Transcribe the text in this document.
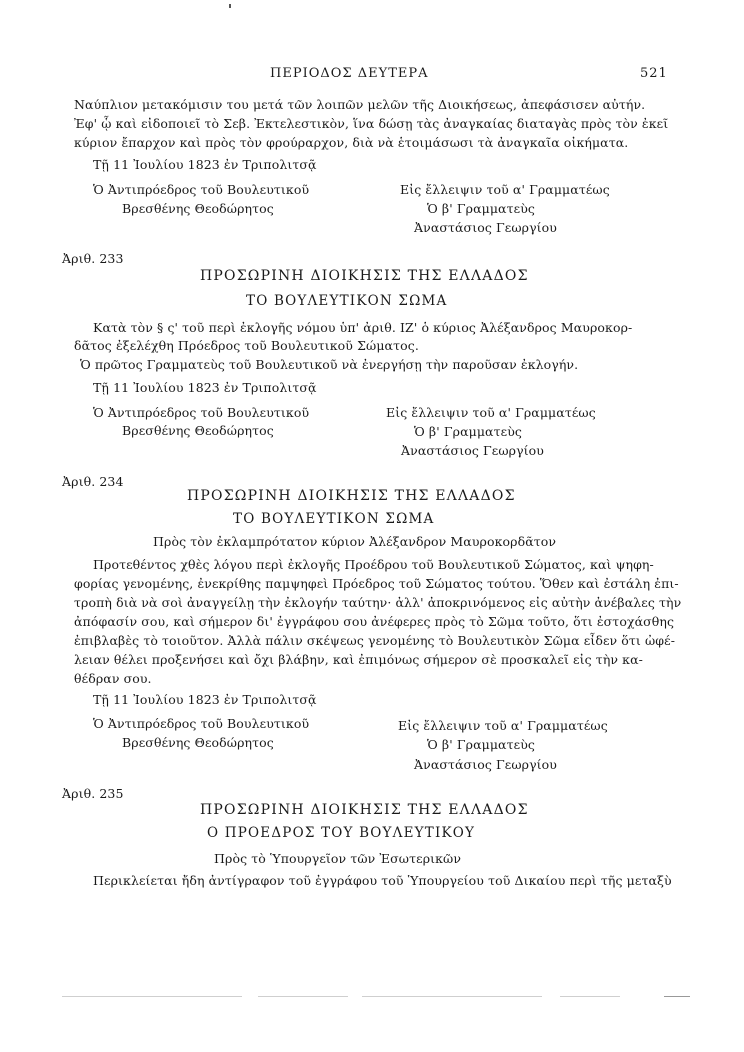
ΠΕΡΙΟΔΟΣ ΔΕΥΤΕΡΑ	521
Ναύπλιον μετακόμισιν του μετά τῶν λοιπῶν μελῶν τῆς Διοικήσεως, ἀπεφάσισεν αὐτήν.
Ἐφ' ᾧ καὶ εἰδοποιεῖ τὸ Σεβ. Ἐκτελεστικὸν, ἵνα δώσῃ τὰς ἀναγκαίας διαταγὰς πρὸς τὸν ἐκεῖ
κύριον ἔπαρχον καὶ πρὸς τὸν φρούραρχον, διὰ νὰ ἑτοιμάσωσι τὰ ἀναγκαῖα οἰκήματα.
Τῇ 11 Ἰουλίου 1823 ἐν Τριπολιτσᾷ
Ὁ Ἀντιπρόεδρος τοῦ Βουλευτικοῦ
Βρεσθένης Θεοδώρητος
Εἰς ἔλλειψιν τοῦ α' Γραμματέως
Ὁ β' Γραμματεὺς
Ἀναστάσιος Γεωργίου
Ἀριθ. 233
ΠΡΟΣΩΡΙΝΗ ΔΙΟΙΚΗΣΙΣ ΤΗΣ ΕΛΛΑΔΟΣ
ΤΟ ΒΟΥΛΕΥΤΙΚΟΝ ΣΩΜΑ
Κατὰ τὸν § ς' τοῦ περὶ ἐκλογῆς νόμου ὑπ' ἀριθ. ΙΖ' ὁ κύριος Ἀλέξανδρος Μαυροκορ-
δᾶτος ἐξελέχθη Πρόεδρος τοῦ Βουλευτικοῦ Σώματος.
Ὁ πρῶτος Γραμματεὺς τοῦ Βουλευτικοῦ νὰ ἐνεργήσῃ τὴν παροῦσαν ἐκλογήν.
Τῇ 11 Ἰουλίου 1823 ἐν Τριπολιτσᾷ
Ὁ Ἀντιπρόεδρος τοῦ Βουλευτικοῦ
Βρεσθένης Θεοδώρητος
Εἰς ἔλλειψιν τοῦ α' Γραμματέως
Ὁ β' Γραμματεὺς
Ἀναστάσιος Γεωργίου
Ἀριθ. 234
ΠΡΟΣΩΡΙΝΗ ΔΙΟΙΚΗΣΙΣ ΤΗΣ ΕΛΛΑΔΟΣ
ΤΟ ΒΟΥΛΕΥΤΙΚΟΝ ΣΩΜΑ
Πρὸς τὸν ἐκλαμπρότατον κύριον Ἀλέξανδρον Μαυροκορδᾶτον
Προτεθέντος χθὲς λόγου περὶ ἐκλογῆς Προέδρου τοῦ Βουλευτικοῦ Σώματος, καὶ ψηφη-
φορίας γενομένης, ἐνεκρίθης παμψηφεὶ Πρόεδρος τοῦ Σώματος τούτου. Ὅθεν καὶ ἐστάλη ἐπι-
τροπὴ διὰ νὰ σοὶ ἀναγγείλῃ τὴν ἐκλογήν ταύτην· ἀλλ' ἀποκρινόμενος εἰς αὐτὴν ἀνέβαλες τὴν
ἀπόφασίν σου, καὶ σήμερον δι' ἐγγράφου σου ἀνέφερες πρὸς τὸ Σῶμα τοῦτο, ὅτι ἐστοχάσθης
ἐπιβλαβὲς τὸ τοιοῦτον. Ἀλλὰ πάλιν σκέψεως γενομένης τὸ Βουλευτικὸν Σῶμα εἶδεν ὅτι ὠφέ-
λειαν θέλει προξενήσει καὶ ὄχι βλάβην, καὶ ἐπιμόνως σήμερον σὲ προσκαλεῖ εἰς τὴν κα-
θέδραν σου.
Τῇ 11 Ἰουλίου 1823 ἐν Τριπολιτσᾷ
Ὁ Ἀντιπρόεδρος τοῦ Βουλευτικοῦ
Βρεσθένης Θεοδώρητος
Εἰς ἔλλειψιν τοῦ α' Γραμματέως
Ὁ β' Γραμματεὺς
Ἀναστάσιος Γεωργίου
Ἀριθ. 235
ΠΡΟΣΩΡΙΝΗ ΔΙΟΙΚΗΣΙΣ ΤΗΣ ΕΛΛΑΔΟΣ
Ο ΠΡΟΕΔΡΟΣ ΤΟΥ ΒΟΥΛΕΥΤΙΚΟΥ
Πρὸς τὸ Ὑπουργεῖον τῶν Ἐσωτερικῶν
Περικλείεται ἤδη ἀντίγραφον τοῦ ἐγγράφου τοῦ Ὑπουργείου τοῦ Δικαίου περὶ τῆς μεταξὺ
